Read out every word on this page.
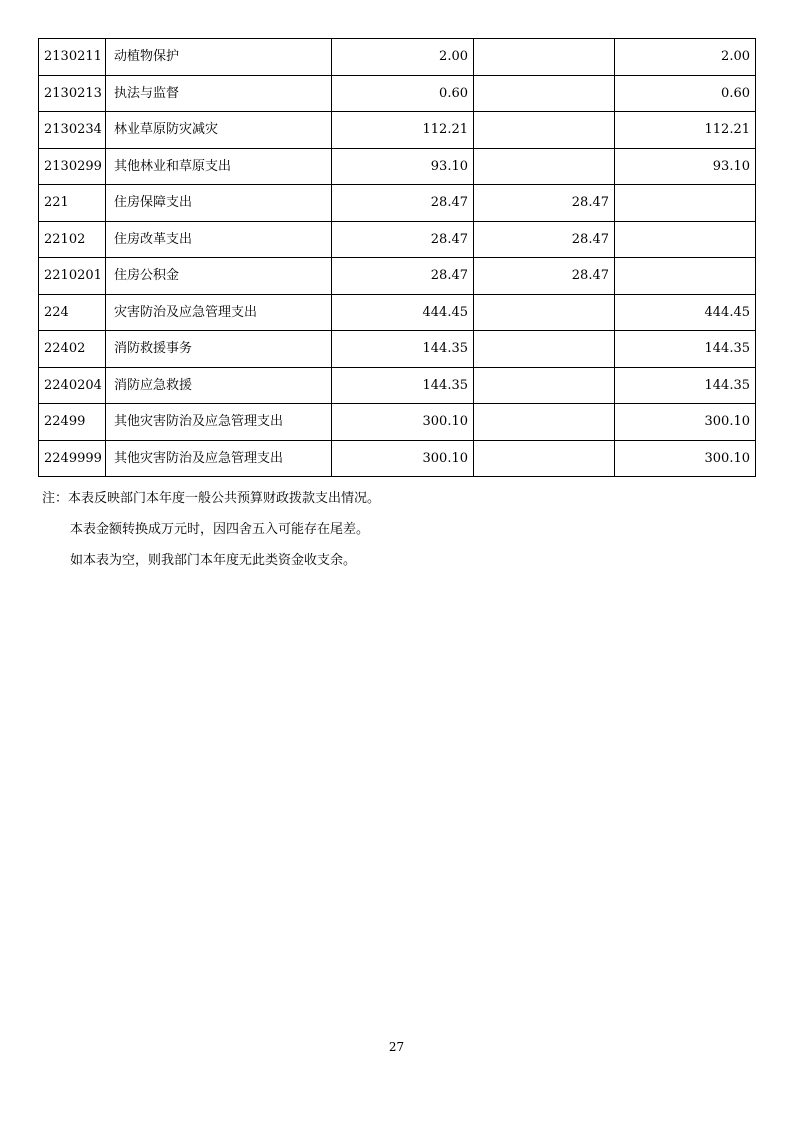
2130211	动植物保护	2.00		2.00
2130213	执法与监督	0.60		0.60
2130234	林业草原防灾减灾	112.21		112.21
2130299	其他林业和草原支出	93.10		93.10
221	住房保障支出	28.47	28.47	
22102	住房改革支出	28.47	28.47	
2210201	住房公积金	28.47	28.47	
224	灾害防治及应急管理支出	444.45		444.45
22402	消防救援事务	144.35		144.35
2240204	消防应急救援	144.35		144.35
22499	其他灾害防治及应急管理支出	300.10		300.10
2249999	其他灾害防治及应急管理支出	300.10		300.10
注：本表反映部门本年度一般公共预算财政拨款支出情况。
本表金额转换成万元时，因四舍五入可能存在尾差。
如本表为空，则我部门本年度无此类资金收支余。
27
